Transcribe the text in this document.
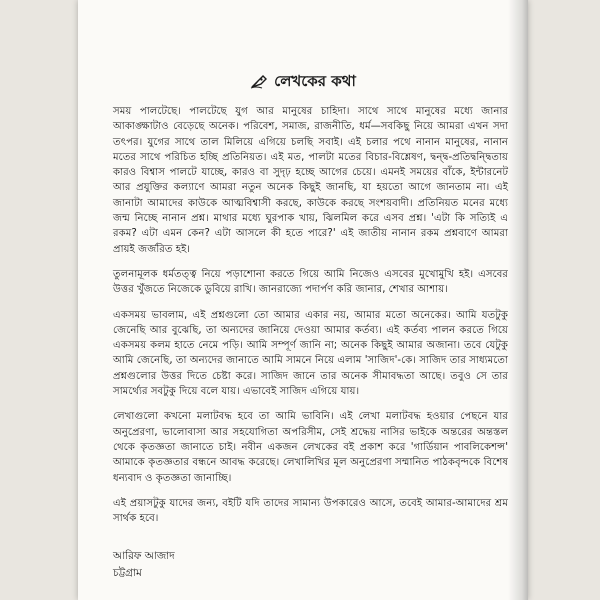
লেখকের কথা

সময় পালটেছে। পালটেছে যুগ আর মানুষের চাহিদা। সাথে সাথে মানুষের মধ্যে জানার আকাঙ্ক্ষাটাও বেড়েছে অনেক। পরিবেশ, সমাজ, রাজনীতি, ধর্ম—সবকিছু নিয়ে আমরা এখন সদা তৎপর। যুগের সাথে তাল মিলিয়ে এগিয়ে চলছি সবাই। এই চলার পথে নানান মানুষের, নানান মতের সাথে পরিচিত হচ্ছি প্রতিনিয়ত। এই মত, পালটা মতের বিচার-বিশ্লেষণ, দ্বন্দ্ব-প্রতিদ্বন্দ্বিতায় কারও বিশ্বাস পালটে যাচ্ছে, কারও বা সুদৃঢ় হচ্ছে আগের চেয়ে। এমনই সময়ের বাঁকে, ইন্টারনেট আর প্রযুক্তির কল্যাণে আমরা নতুন অনেক কিছুই জানছি, যা হয়তো আগে জানতাম না। এই জানাটা আমাদের কাউকে আত্মবিশ্বাসী করছে, কাউকে করছে সংশয়বাদী। প্রতিনিয়ত মনের মধ্যে জন্ম নিচ্ছে নানান প্রশ্ন। মাথার মধ্যে ঘুরপাক খায়, ঝিলমিল করে এসব প্রশ্ন। 'এটা কি সত্যিই এ রকম? এটা এমন কেন? এটা আসলে কী হতে পারে?' এই জাতীয় নানান রকম প্রশ্নবাণে আমরা প্রায়ই জর্জরিত হই।

তুলনামূলক ধর্মতত্ত্ব নিয়ে পড়াশোনা করতে গিয়ে আমি নিজেও এসবের মুখোমুখি হই। এসবের উত্তর খুঁজতে নিজেকে ডুবিয়ে রাখি। জানরাজ্যে পদার্পণ করি জানার, শেখার আশায়।

একসময় ভাবলাম, এই প্রশ্নগুলো তো আমার একার নয়, আমার মতো অনেকের। আমি যতটুকু জেনেছি আর বুঝেছি, তা অন্যদের জানিয়ে দেওয়া আমার কর্তব্য। এই কর্তব্য পালন করতে গিয়ে একসময় কলম হাতে নেমে পড়ি। আমি সম্পূর্ণ জানি না; অনেক কিছুই আমার অজানা। তবে যেটুকু আমি জেনেছি, তা অন্যদের জানাতে আমি সামনে নিয়ে এলাম 'সাজিদ'-কে। সাজিদ তার সাধ্যমতো প্রশ্নগুলোর উত্তর দিতে চেষ্টা করে। সাজিদ জানে তার অনেক সীমাবদ্ধতা আছে। তবুও সে তার সামর্থ্যের সবটুকু দিয়ে বলে যায়। এভাবেই সাজিদ এগিয়ে যায়।

লেখাগুলো কখনো মলাটবদ্ধ হবে তা আমি ভাবিনি। এই লেখা মলাটবদ্ধ হওয়ার পেছনে যার অনুপ্রেরণা, ভালোবাসা আর সহযোগিতা অপরিসীম, সেই শ্রদ্ধেয় নাসির ভাইকে অন্তরের অন্তস্তল থেকে কৃতজ্ঞতা জানাতে চাই। নবীন একজন লেখকের বই প্রকাশ করে 'গার্ডিয়ান পাবলিকেশন্স' আমাকে কৃতজ্ঞতার বন্ধনে আবদ্ধ করেছে। লেখালিখির মূল অনুপ্রেরণা সম্মানিত পাঠকবৃন্দকে বিশেষ ধন্যবাদ ও কৃতজ্ঞতা জানাচ্ছি।

এই প্রয়াসটুকু যাদের জন্য, বইটি যদি তাদের সামান্য উপকারেও আসে, তবেই আমার-আমাদের শ্রম সার্থক হবে।

আরিফ আজাদ
চট্টগ্রাম
